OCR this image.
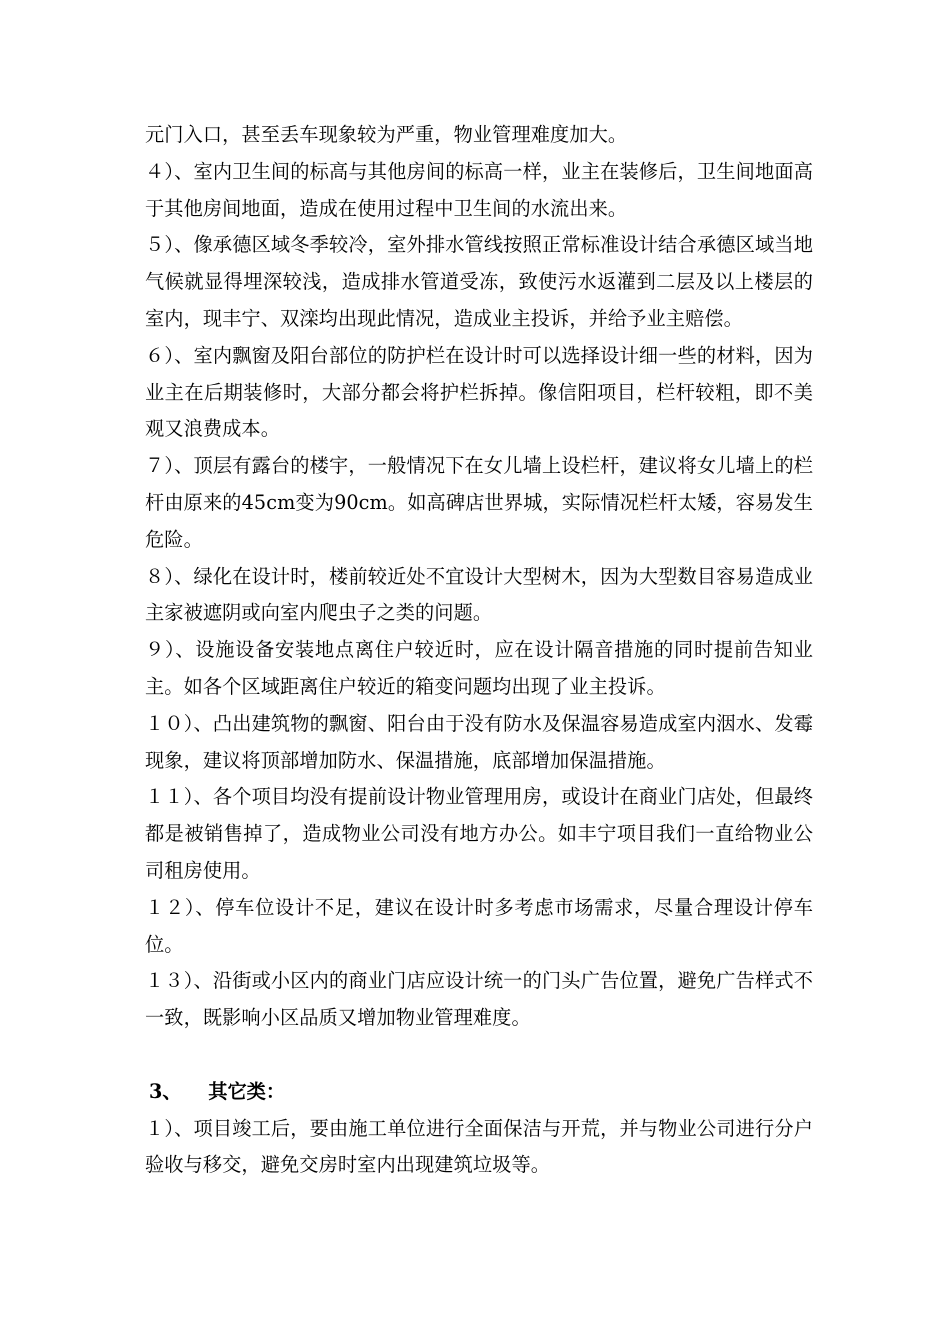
元门入口，甚至丢车现象较为严重，物业管理难度加大。

４）、室内卫生间的标高与其他房间的标高一样，业主在装修后，卫生间地面高于其他房间地面，造成在使用过程中卫生间的水流出来。

５）、像承德区域冬季较冷，室外排水管线按照正常标准设计结合承德区域当地气候就显得埋深较浅，造成排水管道受冻，致使污水返灌到二层及以上楼层的室内，现丰宁、双滦均出现此情况，造成业主投诉，并给予业主赔偿。

６）、室内飘窗及阳台部位的防护栏在设计时可以选择设计细一些的材料，因为业主在后期装修时，大部分都会将护栏拆掉。像信阳项目，栏杆较粗，即不美观又浪费成本。

７）、顶层有露台的楼宇，一般情况下在女儿墙上设栏杆，建议将女儿墙上的栏杆由原来的45cm变为90cm。如高碑店世界城，实际情况栏杆太矮，容易发生危险。

８）、绿化在设计时，楼前较近处不宜设计大型树木，因为大型数目容易造成业主家被遮阴或向室内爬虫子之类的问题。

９）、设施设备安装地点离住户较近时，应在设计隔音措施的同时提前告知业主。如各个区域距离住户较近的箱变问题均出现了业主投诉。

１０）、凸出建筑物的飘窗、阳台由于没有防水及保温容易造成室内洇水、发霉现象，建议将顶部增加防水、保温措施，底部增加保温措施。

１１）、各个项目均没有提前设计物业管理用房，或设计在商业门店处，但最终都是被销售掉了，造成物业公司没有地方办公。如丰宁项目我们一直给物业公司租房使用。

１２）、停车位设计不足，建议在设计时多考虑市场需求，尽量合理设计停车位。

１３）、沿街或小区内的商业门店应设计统一的门头广告位置，避免广告样式不一致，既影响小区品质又增加物业管理难度。

3、    其它类：

１）、项目竣工后，要由施工单位进行全面保洁与开荒，并与物业公司进行分户验收与移交，避免交房时室内出现建筑垃圾等。
